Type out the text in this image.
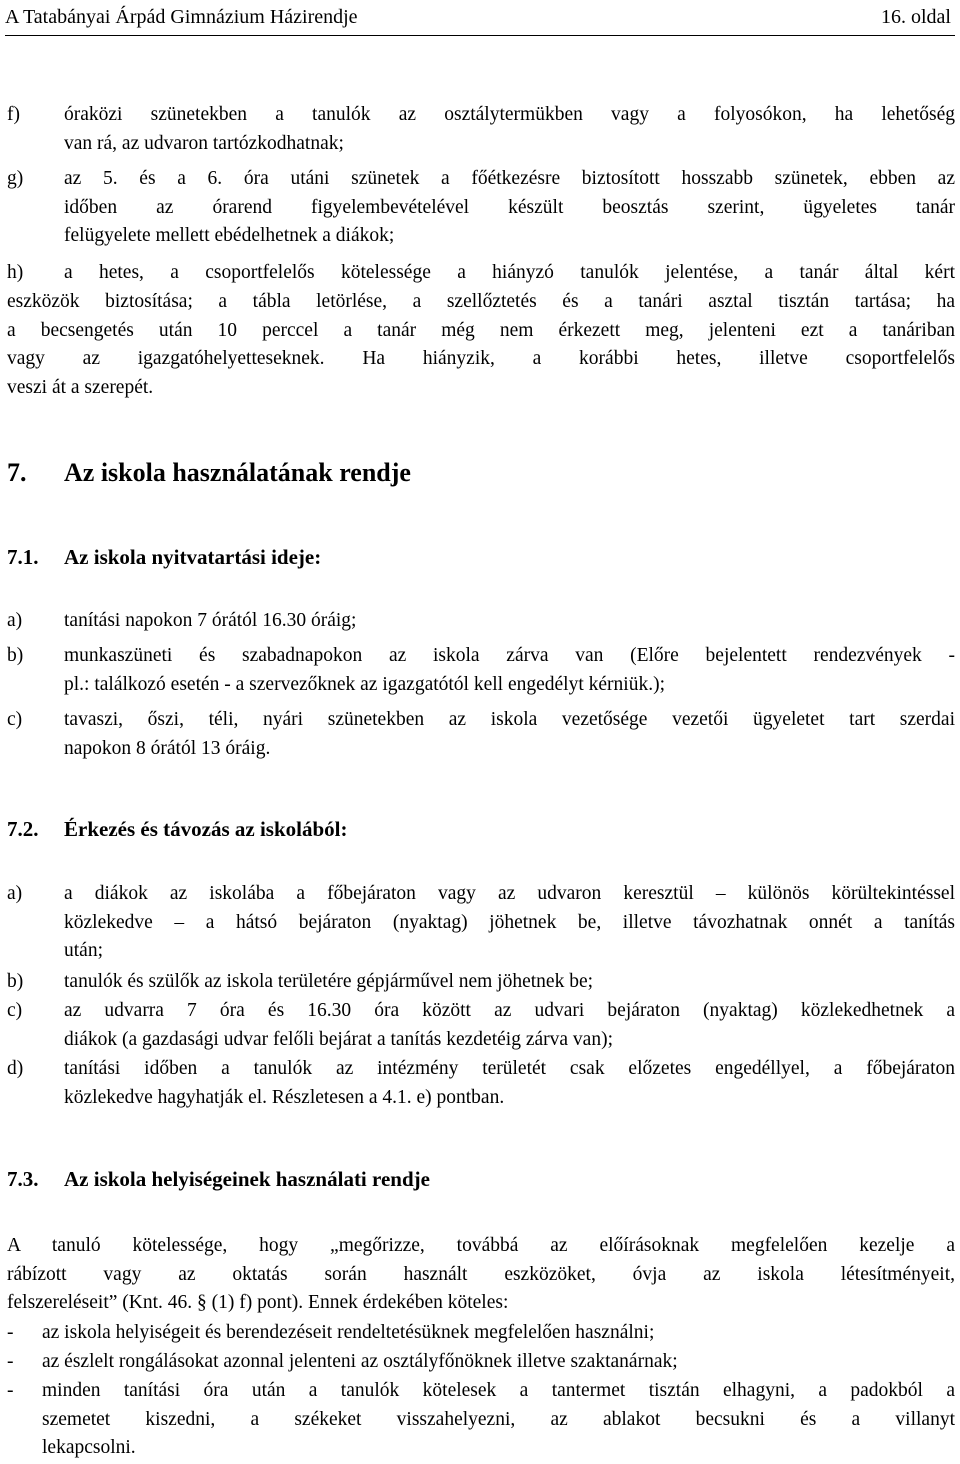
A Tatabányai Árpád Gimnázium Házirendje	16. oldal
f) óraközi szünetekben a tanulók az osztálytermükben vagy a folyosókon, ha lehetőség
van rá, az udvaron tartózkodhatnak;
g) az 5. és a 6. óra utáni szünetek a főétkezésre biztosított hosszabb szünetek, ebben az
időben az órarend figyelembevételével készült beosztás szerint, ügyeletes tanár
felügyelete mellett ebédelhetnek a diákok;
h) a hetes, a csoportfelelős kötelessége a hiányzó tanulók jelentése, a tanár által kért
eszközök biztosítása; a tábla letörlése, a szellőztetés és a tanári asztal tisztán tartása; ha
a becsengetés után 10 perccel a tanár még nem érkezett meg, jelenteni ezt a tanáriban
vagy az igazgatóhelyetteseknek. Ha hiányzik, a korábbi hetes, illetve csoportfelelős
veszi át a szerepét.
7. Az iskola használatának rendje
7.1. Az iskola nyitvatartási ideje:
a) tanítási napokon 7 órától 16.30 óráig;
b) munkaszüneti és szabadnapokon az iskola zárva van (Előre bejelentett rendezvények -
pl.: találkozó esetén - a szervezőknek az igazgatótól kell engedélyt kérniük.);
c) tavaszi, őszi, téli, nyári szünetekben az iskola vezetősége vezetői ügyeletet tart szerdai
napokon 8 órától 13 óráig.
7.2. Érkezés és távozás az iskolából:
a) a diákok az iskolába a főbejáraton vagy az udvaron keresztül – különös körültekintéssel
közlekedve – a hátsó bejáraton (nyaktag) jöhetnek be, illetve távozhatnak onnét a tanítás
után;
b) tanulók és szülők az iskola területére gépjárművel nem jöhetnek be;
c) az udvarra 7 óra és 16.30 óra között az udvari bejáraton (nyaktag) közlekedhetnek a
diákok (a gazdasági udvar felőli bejárat a tanítás kezdetéig zárva van);
d) tanítási időben a tanulók az intézmény területét csak előzetes engedéllyel, a főbejáraton
közlekedve hagyhatják el. Részletesen a 4.1. e) pontban.
7.3. Az iskola helyiségeinek használati rendje
A tanuló kötelessége, hogy „megőrizze, továbbá az előírásoknak megfelelően kezelje a
rábízott vagy az oktatás során használt eszközöket, óvja az iskola létesítményeit,
felszereléseit” (Knt. 46. § (1) f) pont). Ennek érdekében köteles:
- az iskola helyiségeit és berendezéseit rendeltetésüknek megfelelően használni;
- az észlelt rongálásokat azonnal jelenteni az osztályfőnöknek illetve szaktanárnak;
- minden tanítási óra után a tanulók kötelesek a tantermet tisztán elhagyni, a padokból a
szemetet kiszedni, a székeket visszahelyezni, az ablakot becsukni és a villanyt
lekapcsolni.
